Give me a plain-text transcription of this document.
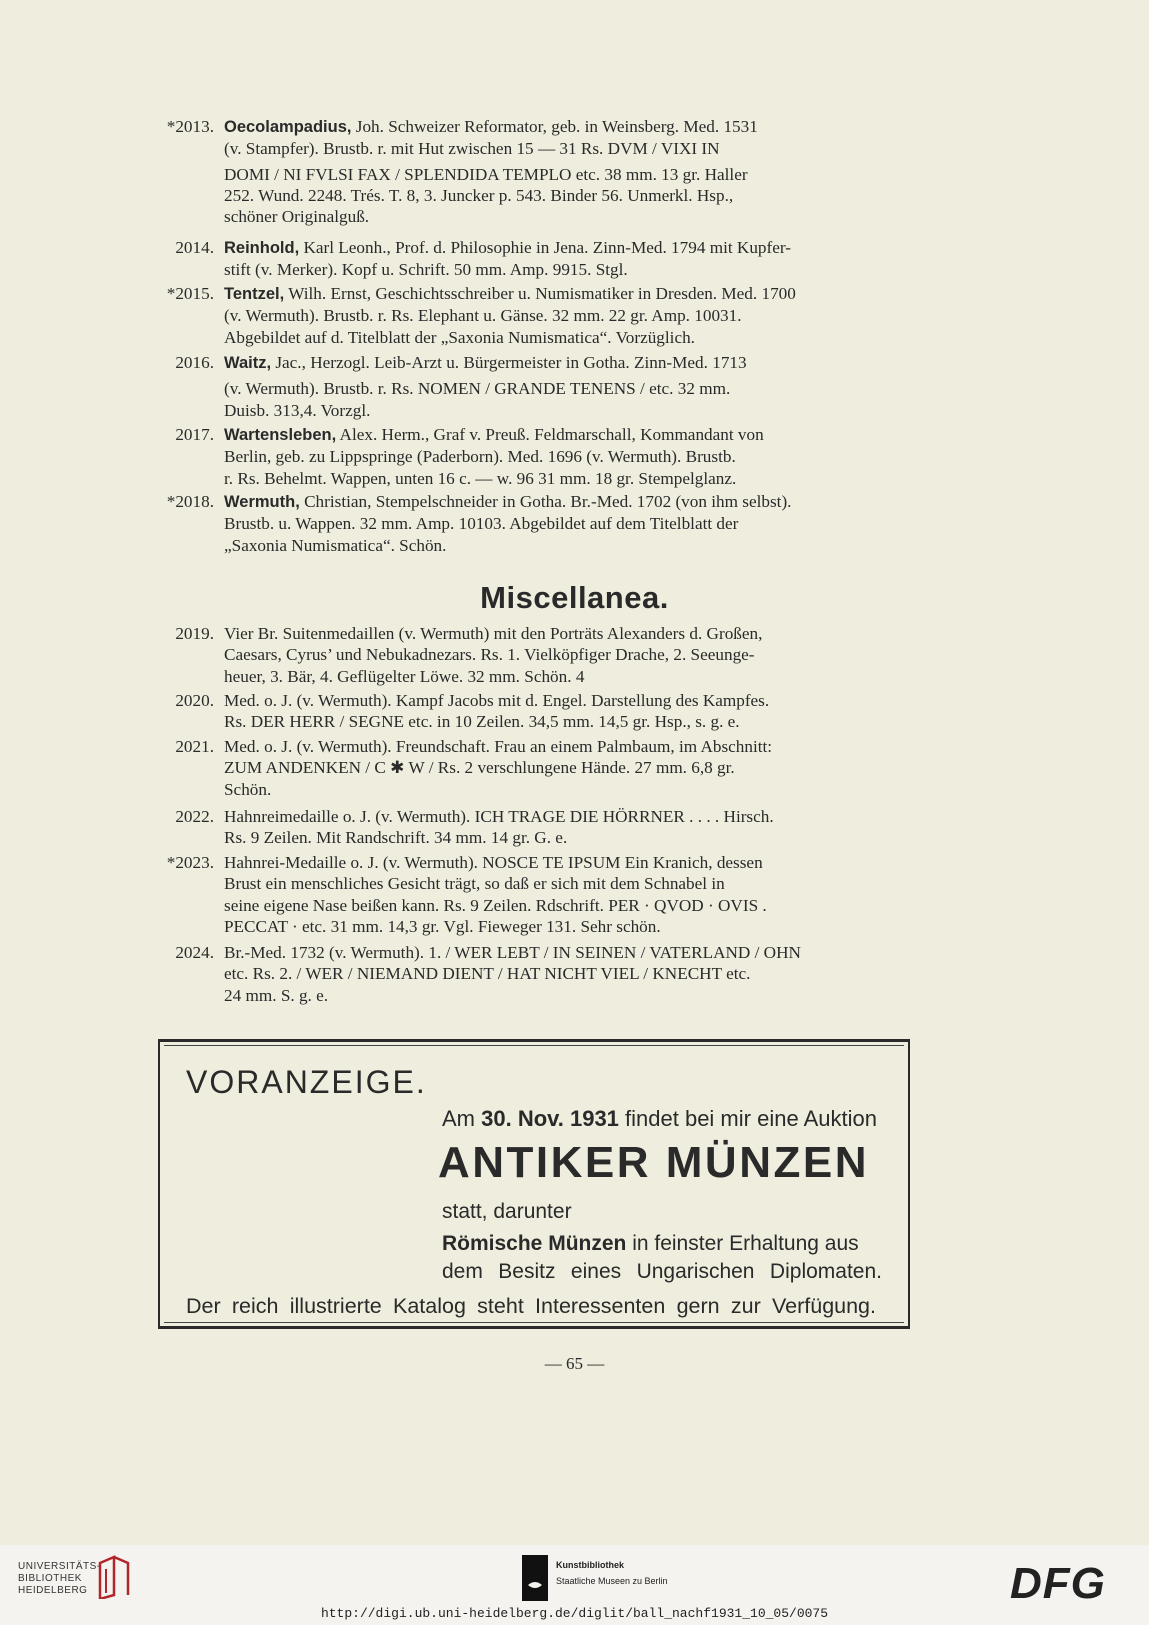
*2013. Oecolampadius, Joh. Schweizer Reformator, geb. in Weinsberg. Med. 1531
(v. Stampfer). Brustb. r. mit Hut zwischen 15 — 31 Rs. DVM / VIXI IN
DOMI / NI FVLSI FAX / SPLENDIDA TEMPLO etc. 38 mm. 13 gr. Haller
252. Wund. 2248. Trés. T. 8, 3. Juncker p. 543. Binder 56. Unmerkl. Hsp.,
schöner Originalguß.
2014. Reinhold, Karl Leonh., Prof. d. Philosophie in Jena. Zinn-Med. 1794 mit Kupfer-
stift (v. Merker). Kopf u. Schrift. 50 mm. Amp. 9915. Stgl.
*2015. Tentzel, Wilh. Ernst, Geschichtsschreiber u. Numismatiker in Dresden. Med. 1700
(v. Wermuth). Brustb. r. Rs. Elephant u. Gänse. 32 mm. 22 gr. Amp. 10031.
Abgebildet auf d. Titelblatt der „Saxonia Numismatica“. Vorzüglich.
2016. Waitz, Jac., Herzogl. Leib-Arzt u. Bürgermeister in Gotha. Zinn-Med. 1713
(v. Wermuth). Brustb. r. Rs. NOMEN / GRANDE TENENS / etc. 32 mm.
Duisb. 313,4. Vorzgl.
2017. Wartensleben, Alex. Herm., Graf v. Preuß. Feldmarschall, Kommandant von
Berlin, geb. zu Lippspringe (Paderborn). Med. 1696 (v. Wermuth). Brustb.
r. Rs. Behelmt. Wappen, unten 16 c. — w. 96 31 mm. 18 gr. Stempelglanz.
*2018. Wermuth, Christian, Stempelschneider in Gotha. Br.-Med. 1702 (von ihm selbst).
Brustb. u. Wappen. 32 mm. Amp. 10103. Abgebildet auf dem Titelblatt der
„Saxonia Numismatica“. Schön.
Miscellanea.
2019. Vier Br. Suitenmedaillen (v. Wermuth) mit den Porträts Alexanders d. Großen,
Caesars, Cyrus’ und Nebukadnezars. Rs. 1. Vielköpfiger Drache, 2. Seeunge-
heuer, 3. Bär, 4. Geflügelter Löwe. 32 mm. Schön. 4
2020. Med. o. J. (v. Wermuth). Kampf Jacobs mit d. Engel. Darstellung des Kampfes.
Rs. DER HERR / SEGNE etc. in 10 Zeilen. 34,5 mm. 14,5 gr. Hsp., s. g. e.
2021. Med. o. J. (v. Wermuth). Freundschaft. Frau an einem Palmbaum, im Abschnitt:
ZUM ANDENKEN / C ✱ W / Rs. 2 verschlungene Hände. 27 mm. 6,8 gr.
Schön.
2022. Hahnreimedaille o. J. (v. Wermuth). ICH TRAGE DIE HÖRRNER . . . . Hirsch.
Rs. 9 Zeilen. Mit Randschrift. 34 mm. 14 gr. G. e.
*2023. Hahnrei-Medaille o. J. (v. Wermuth). NOSCE TE IPSUM Ein Kranich, dessen
Brust ein menschliches Gesicht trägt, so daß er sich mit dem Schnabel in
seine eigene Nase beißen kann. Rs. 9 Zeilen. Rdschrift. PER · QVOD · OVIS .
PECCAT · etc. 31 mm. 14,3 gr. Vgl. Fieweger 131. Sehr schön.
2024. Br.-Med. 1732 (v. Wermuth). 1. / WER LEBT / IN SEINEN / VATERLAND / OHN
etc. Rs. 2. / WER / NIEMAND DIENT / HAT NICHT VIEL / KNECHT etc.
24 mm. S. g. e.
VORANZEIGE.
Am 30. Nov. 1931 findet bei mir eine Auktion
ANTIKER MÜNZEN
statt, darunter
Römische Münzen in feinster Erhaltung aus
dem Besitz eines Ungarischen Diplomaten.
Der reich illustrierte Katalog steht Interessenten gern zur Verfügung.
— 65 —
UNIVERSITÄTS-
BIBLIOTHEK
HEIDELBERG
Kunstbibliothek
Staatliche Museen zu Berlin	DFG
http://digi.ub.uni-heidelberg.de/diglit/ball_nachf1931_10_05/0075
